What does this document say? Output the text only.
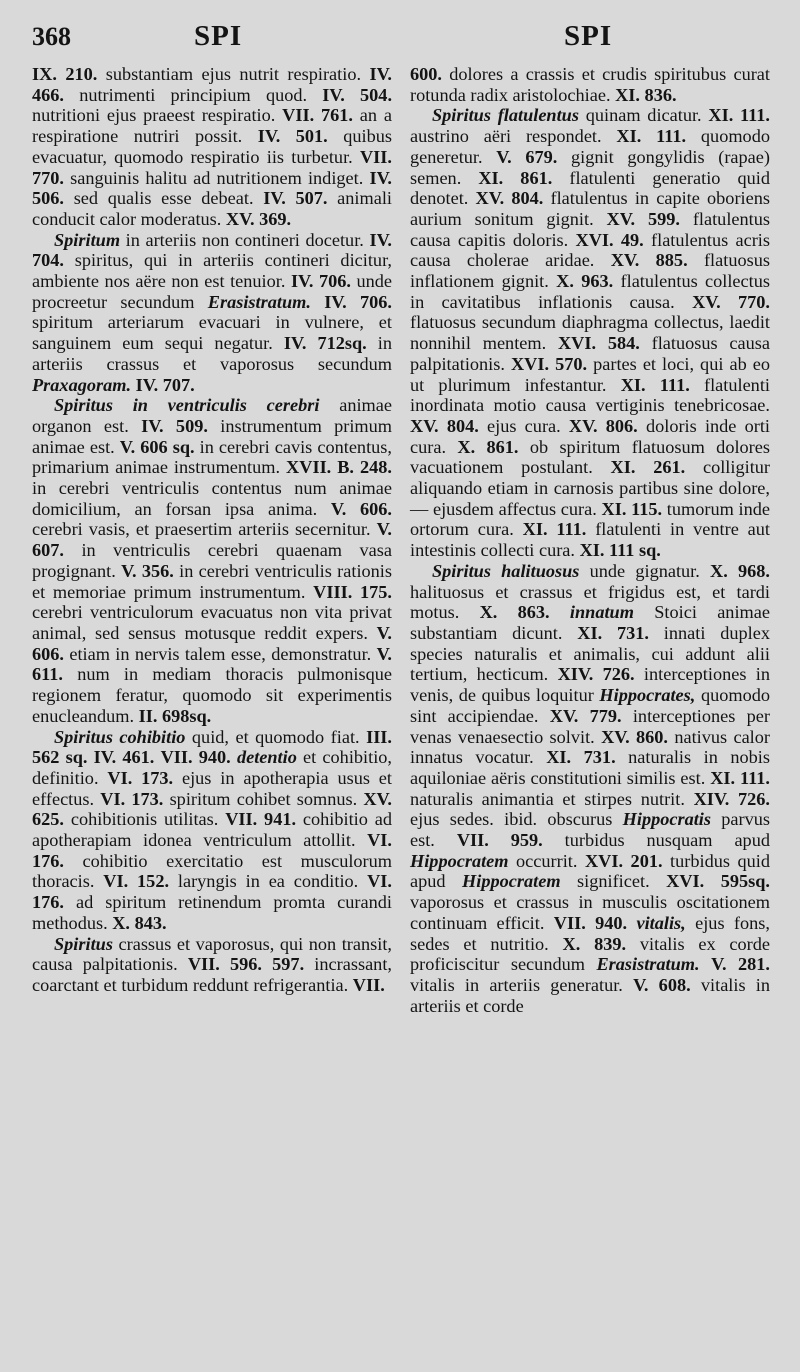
368	SPI	SPI

IX. 210. substantiam ejus nutrit respiratio. IV. 466. nutrimenti principium quod. IV. 504. nutritioni ejus praeest respiratio. VII. 761. an a respiratione nutriri possit. IV. 501. quibus evacuatur, quomodo respiratio iis turbetur. VII. 770. sanguinis halitu ad nutritionem indiget. IV. 506. sed qualis esse debeat. IV. 507. animali conducit calor moderatus. XV. 369.

Spiritum in arteriis non contineri docetur. IV. 704. spiritus, qui in arteriis contineri dicitur, ambiente nos aëre non est tenuior. IV. 706. unde procreetur secundum Erasistratum. IV. 706. spiritum arteriarum evacuari in vulnere, et sanguinem eum sequi negatur. IV. 712sq. in arteriis crassus et vaporosus secundum Praxagoram. IV. 707.

Spiritus in ventriculis cerebri animae organon est. IV. 509. instrumentum primum animae est. V. 606 sq. in cerebri cavis contentus, primarium animae instrumentum. XVII. B. 248. in cerebri ventriculis contentus num animae domicilium, an forsan ipsa anima. V. 606. cerebri vasis, et praesertim arteriis secernitur. V. 607. in ventriculis cerebri quaenam vasa progignant. V. 356. in cerebri ventriculis rationis et memoriae primum instrumentum. VIII. 175. cerebri ventriculorum evacuatus non vita privat animal, sed sensus motusque reddit expers. V. 606. etiam in nervis talem esse, demonstratur. V. 611. num in mediam thoracis pulmonisque regionem feratur, quomodo sit experimentis enucleandum. II. 698sq.

Spiritus cohibitio quid, et quomodo fiat. III. 562 sq. IV. 461. VII. 940. detentio et cohibitio, definitio. VI. 173. ejus in apotherapia usus et effectus. VI. 173. spiritum cohibet somnus. XV. 625. cohibitionis utilitas. VII. 941. cohibitio ad apotherapiam idonea ventriculum attollit. VI. 176. cohibitio exercitatio est musculorum thoracis. VI. 152. laryngis in ea conditio. VI. 176. ad spiritum retinendum promta curandi methodus. X. 843.

Spiritus crassus et vaporosus, qui non transit, causa palpitationis. VII. 596. 597. incrassant, coarctant et turbidum reddunt refrigerantia. VII.

600. dolores a crassis et crudis spiritubus curat rotunda radix aristolochiae. XI. 836.

Spiritus flatulentus quinam dicatur. XI. 111. austrino aëri respondet. XI. 111. quomodo generetur. V. 679. gignit gongylidis (rapae) semen. XI. 861. flatulenti generatio quid denotet. XV. 804. flatulentus in capite oboriens aurium sonitum gignit. XV. 599. flatulentus causa capitis doloris. XVI. 49. flatulentus acris causa cholerae aridae. XV. 885. flatuosus inflationem gignit. X. 963. flatulentus collectus in cavitatibus inflationis causa. XV. 770. flatuosus secundum diaphragma collectus, laedit nonnihil mentem. XVI. 584. flatuosus causa palpitationis. XVI. 570. partes et loci, qui ab eo ut plurimum infestantur. XI. 111. flatulenti inordinata motio causa vertiginis tenebricosae. XV. 804. ejus cura. XV. 806. doloris inde orti cura. X. 861. ob spiritum flatuosum dolores vacuationem postulant. XI. 261. colligitur aliquando etiam in carnosis partibus sine dolore, — ejusdem affectus cura. XI. 115. tumorum inde ortorum cura. XI. 111. flatulenti in ventre aut intestinis collecti cura. XI. 111 sq.

Spiritus halituosus unde gignatur. X. 968. halituosus et crassus et frigidus est, et tardi motus. X. 863. innatum Stoici animae substantiam dicunt. XI. 731. innati duplex species naturalis et animalis, cui addunt alii tertium, hecticum. XIV. 726. interceptiones in venis, de quibus loquitur Hippocrates, quomodo sint accipiendae. XV. 779. interceptiones per venas venaesectio solvit. XV. 860. nativus calor innatus vocatur. XI. 731. naturalis in nobis aquiloniae aëris constitutioni similis est. XI. 111. naturalis animantia et stirpes nutrit. XIV. 726. ejus sedes. ibid. obscurus Hippocratis parvus est. VII. 959. turbidus nusquam apud Hippocratem occurrit. XVI. 201. turbidus quid apud Hippocratem significet. XVI. 595sq. vaporosus et crassus in musculis oscitationem continuam efficit. VII. 940. vitalis, ejus fons, sedes et nutritio. X. 839. vitalis ex corde proficiscitur secundum Erasistratum. V. 281. vitalis in arteriis generatur. V. 608. vitalis in arteriis et corde
